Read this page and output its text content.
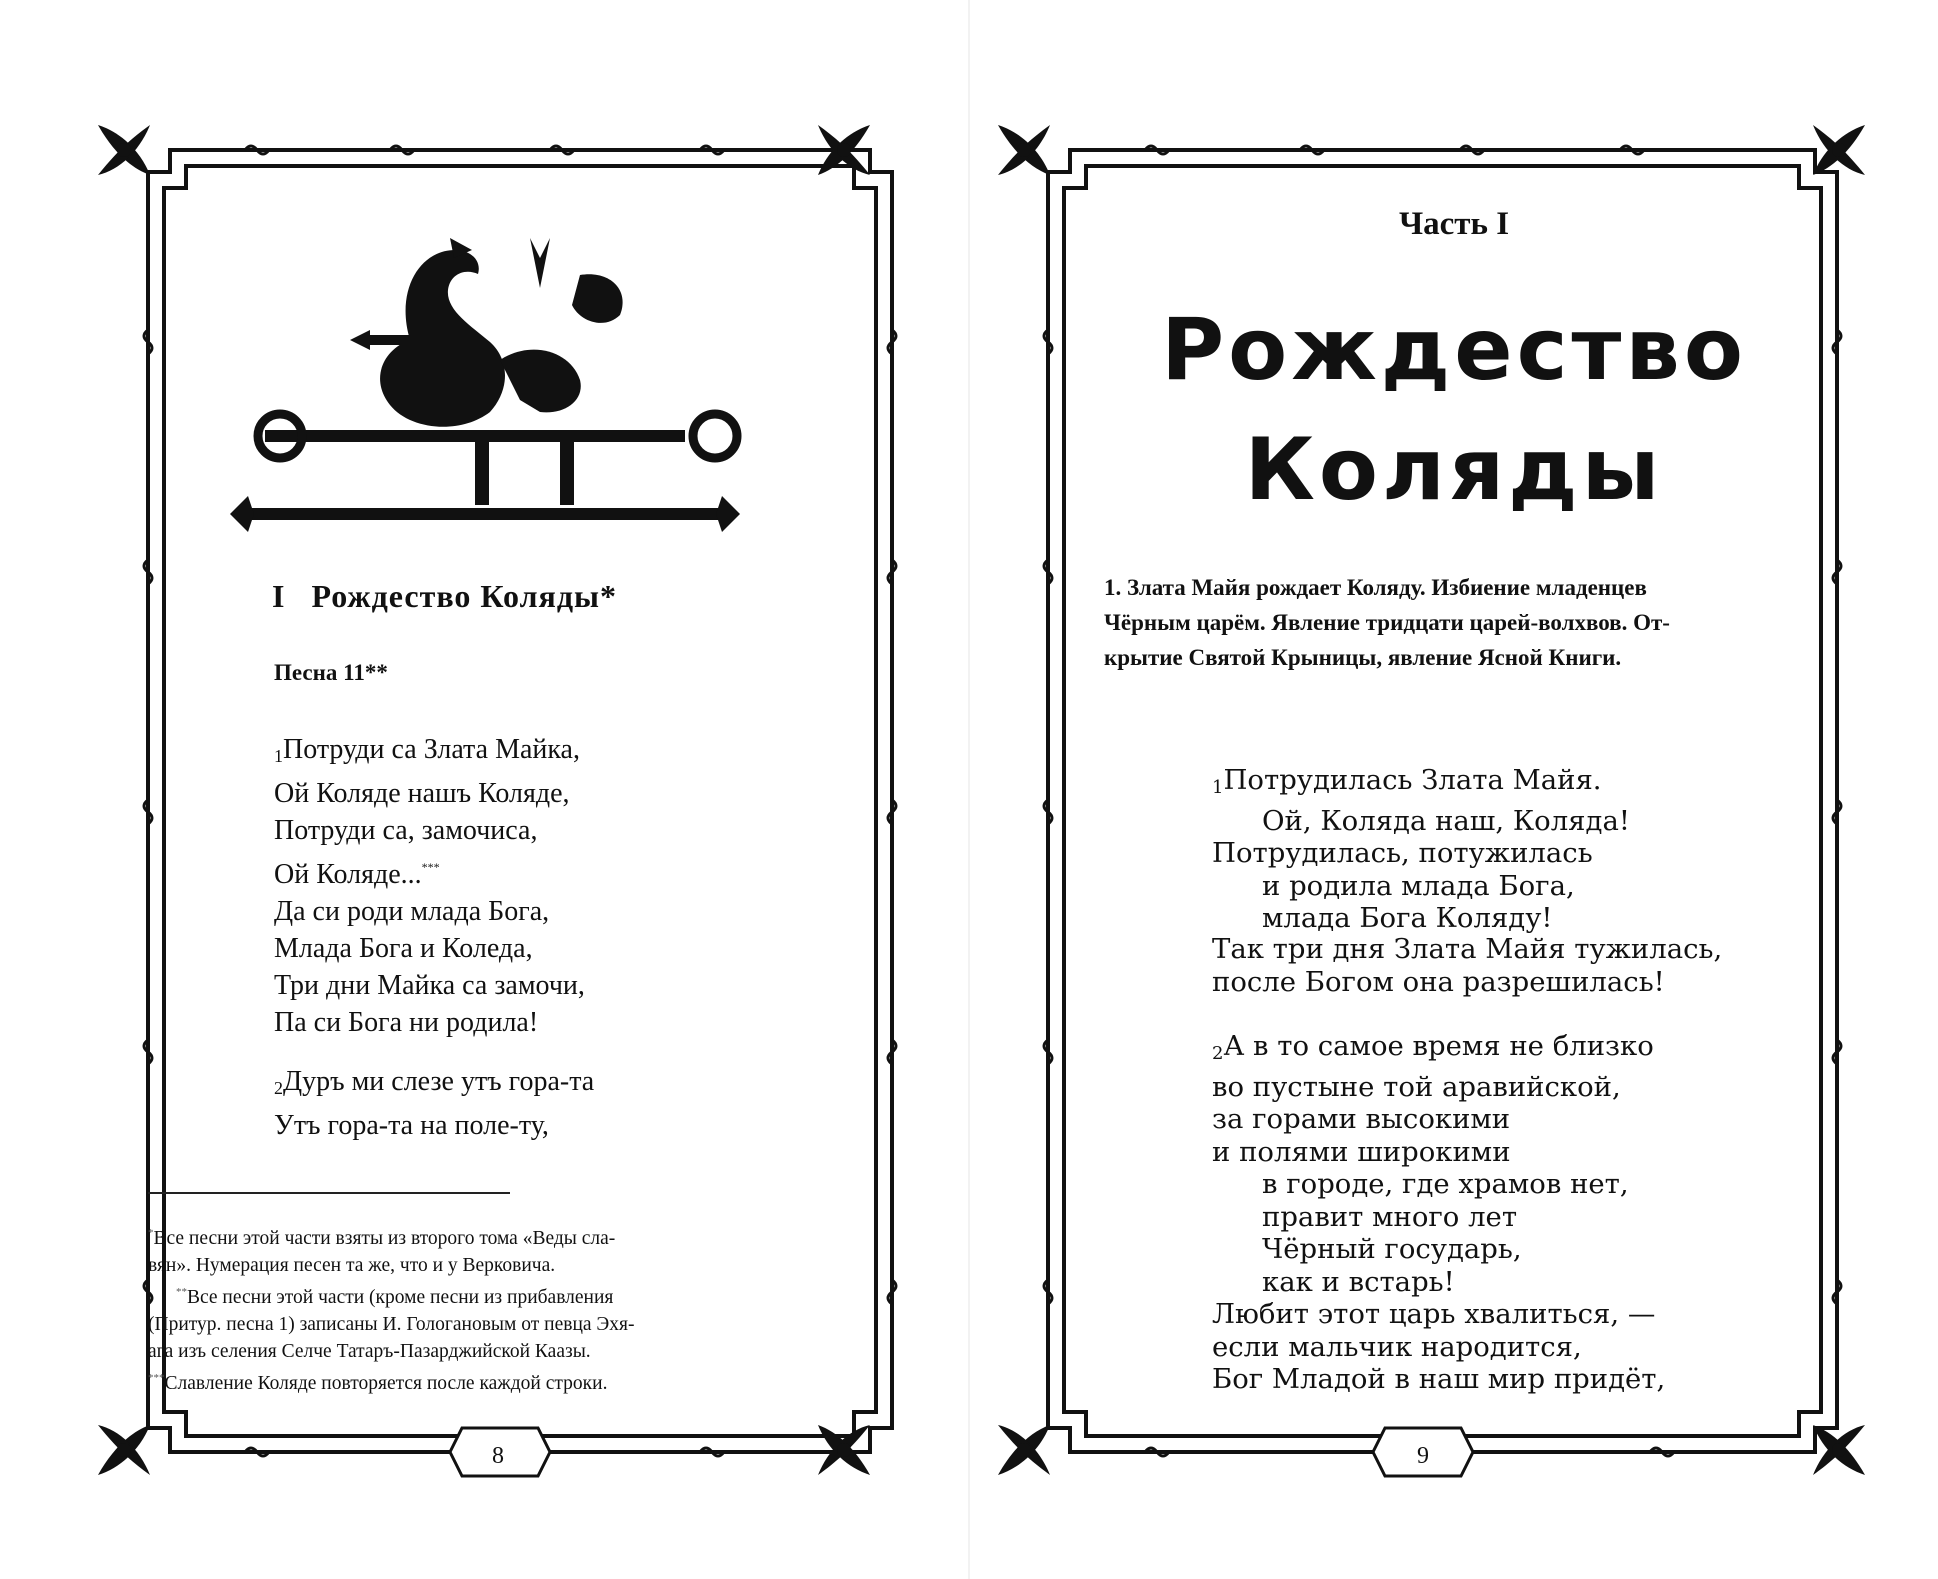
I Рождество Коляды*
Песна 11**
1Потруди са Злата Майка,
Ой Коляде нашъ Коляде,
Потруди са, замочиса,
Ой Коляде...***
Да си роди млада Бога,
Млада Бога и Коледа,
Три дни Майка са замочи,
Па си Бога ни родила!
2Дуръ ми слезе утъ гора-та
Утъ гора-та на поле-ту,
*Все песни этой части взяты из второго тома «Веды сла-
вян». Нумерация песен та же, что и у Верковича.
**Все песни этой части (кроме песни из прибавления
(Притур. песна 1) записаны И. Гологановым от певца Эхя-
ага изъ селения Селче Татаръ-Пазарджийской Каазы.
***Славление Коляде повторяется после каждой строки.
8
Часть I
Рождество
Коляды
1. Злата Майя рождает Коляду. Избиение младенцев
Чёрным царём. Явление тридцати царей-волхвов. От-
крытие Святой Крыницы, явление Ясной Книги.
1Потрудилась Злата Майя.
Ой, Коляда наш, Коляда!
Потрудилась, потужилась
и родила млада Бога,
млада Бога Коляду!
Так три дня Злата Майя тужилась,
после Богом она разрешилась!
2А в то самое время не близко
во пустыне той аравийской,
за горами высокими
и полями широкими
в городе, где храмов нет,
правит много лет
Чёрный государь,
как и встарь!
Любит этот царь хвалиться, —
если мальчик народится,
Бог Младой в наш мир придёт,
9
